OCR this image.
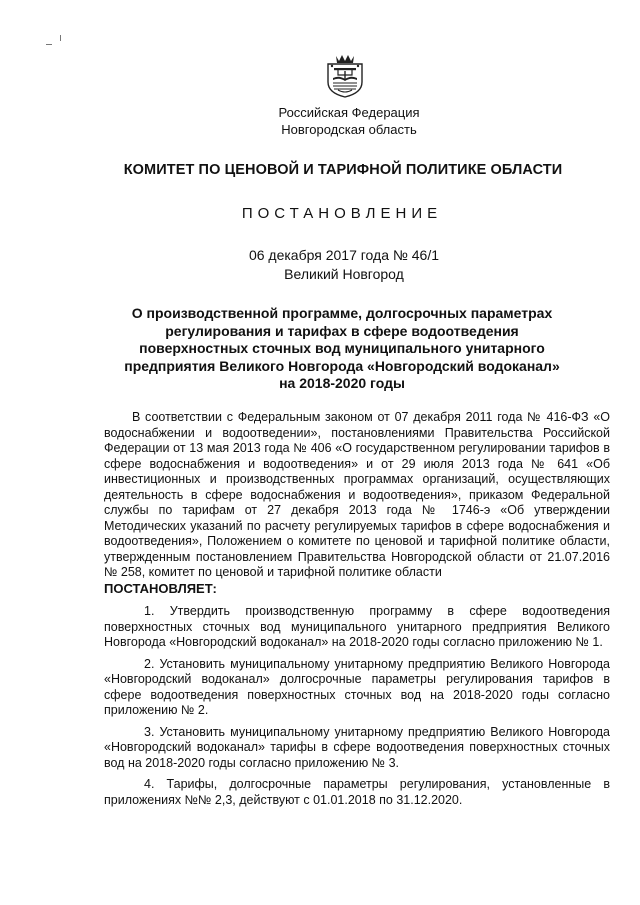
Российская Федерация
Новгородская область

КОМИТЕТ ПО ЦЕНОВОЙ И ТАРИФНОЙ ПОЛИТИКЕ ОБЛАСТИ

ПОСТАНОВЛЕНИЕ

06 декабря 2017 года № 46/1
Великий Новгород
О производственной программе, долгосрочных параметрах
регулирования и тарифах в сфере водоотведения
поверхностных сточных вод муниципального унитарного
предприятия Великого Новгорода «Новгородский водоканал»
на 2018-2020 годы

В соответствии с Федеральным законом от 07 декабря 2011 года № 416-ФЗ «О водоснабжении и водоотведении», постановлениями Правительства Российской Федерации от 13 мая 2013 года № 406 «О государственном регулировании тарифов в сфере водоснабжения и водоотведения» и от 29 июля 2013 года № 641 «Об инвестиционных и производственных программах организаций, осуществляющих деятельность в сфере водоснабжения и водоотведения», приказом Федеральной службы по тарифам от 27 декабря 2013 года № 1746-э «Об утверждении Методических указаний по расчету регулируемых тарифов в сфере водоснабжения и водоотведения», Положением о комитете по ценовой и тарифной политике области, утвержденным постановлением Правительства Новгородской области от 21.07.2016 № 258, комитет по ценовой и тарифной политике области

ПОСТАНОВЛЯЕТ:

1. Утвердить производственную программу в сфере водоотведения поверхностных сточных вод муниципального унитарного предприятия Великого Новгорода «Новгородский водоканал» на 2018-2020 годы согласно приложению № 1.

2. Установить муниципальному унитарному предприятию Великого Новгорода «Новгородский водоканал» долгосрочные параметры регулирования тарифов в сфере водоотведения поверхностных сточных вод на 2018-2020 годы согласно приложению № 2.

3. Установить муниципальному унитарному предприятию Великого Новгорода «Новгородский водоканал» тарифы в сфере водоотведения поверхностных сточных вод на 2018-2020 годы согласно приложению № 3.

4. Тарифы, долгосрочные параметры регулирования, установленные в приложениях №№ 2,3, действуют с 01.01.2018 по 31.12.2020.
